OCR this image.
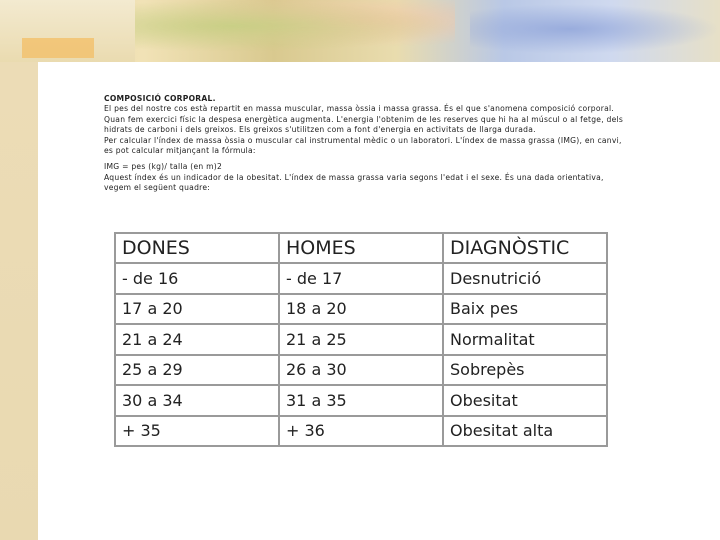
COMPOSICIÓ CORPORAL.

El pes del nostre cos està repartit en massa muscular, massa òssia i massa grassa. És el que s'anomena composició corporal.

Quan fem exercici físic la despesa energètica augmenta. L'energia l'obtenim de les reserves que hi ha al múscul o al fetge, dels hidrats de carboni i dels greixos. Els greixos s'utilitzen com a font d'energia en activitats de llarga durada.

Per calcular l'índex de massa òssia o muscular cal instrumental mèdic o un laboratori. L'índex de massa grassa (IMG), en canvi, es pot calcular mitjançant la fórmula:

IMG = pes (kg)/ talla (en m)2

Aquest índex és un indicador de la obesitat. L'índex de massa grassa varia segons l'edat i el sexe. És una dada orientativa, vegem el següent quadre:

DONES	HOMES	DIAGNÒSTIC
- de 16	- de 17	Desnutrició
17 a 20	18 a 20	Baix pes
21 a 24	21 a 25	Normalitat
25 a 29	26 a 30	Sobrepès
30 a 34	31 a 35	Obesitat
+ 35	+ 36	Obesitat alta
